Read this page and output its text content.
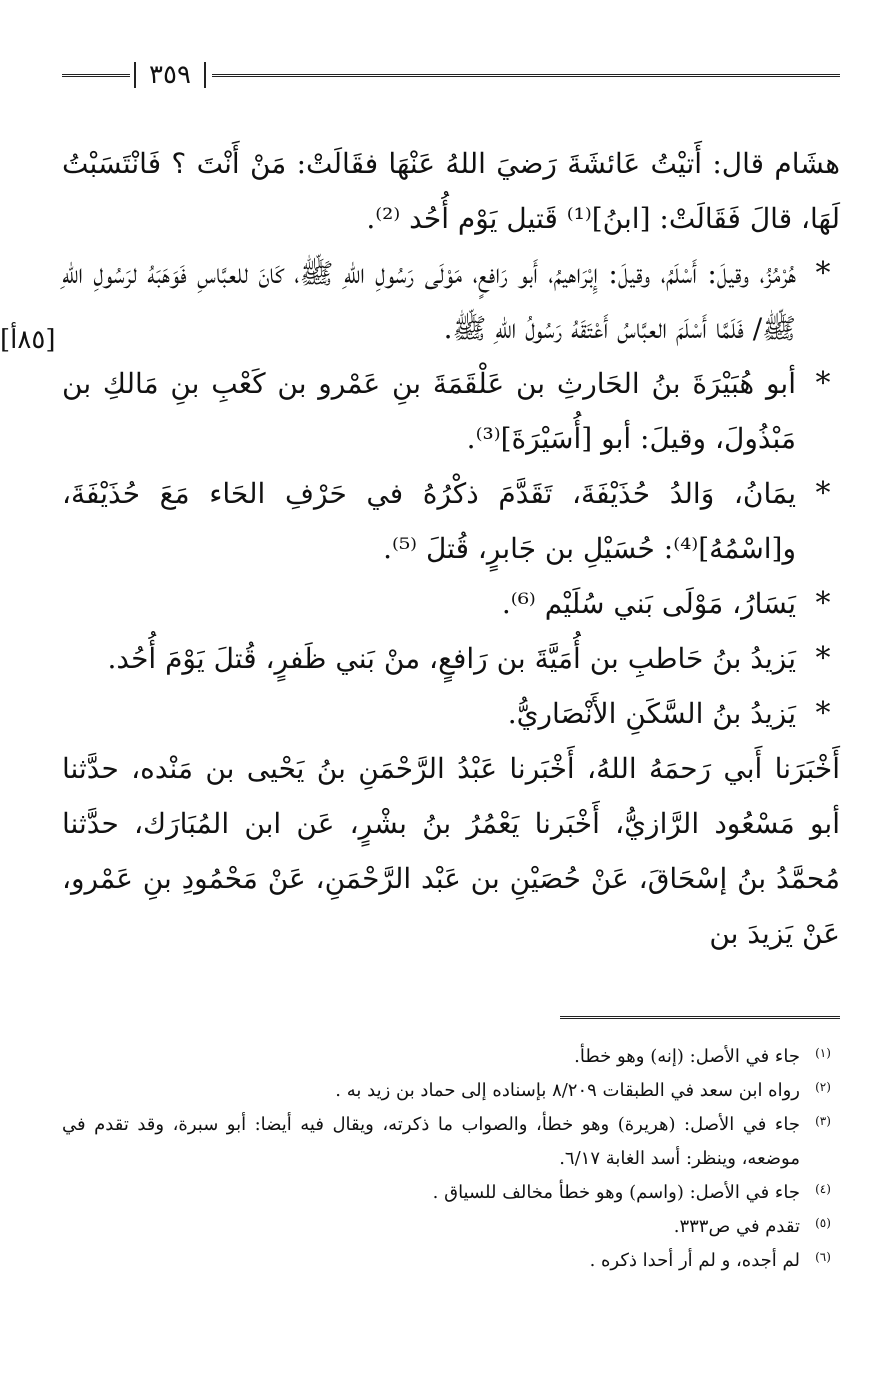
٣٥٩
[٨٥أ]

هشَام قال: أَتيْتُ عَائشَةَ رَضيَ اللهُ عَنْهَا فقَالَتْ: مَنْ أَنْتَ ؟ فَانْتَسَبْتُ لَهَا، قالَ فَقَالَتْ: [ابنُ]⁽¹⁾ قَتيل يَوْم أُحُد ⁽²⁾.

*

هُرْمُزُ، وقيلَ: أَسْلَمُ، وقيلَ: إِبْرَاهيمُ، أَبو رَافعٍ، مَوْلَى رَسُولِ اللهِ ﷺ، كَانَ للعبَّاسِ فَوَهَبَهُ لرَسُولِ اللهِ ﷺ/ فَلَمَّا أَسْلَمَ العبَّاسُ أَعْتَقَهُ رَسُولُ اللهِ ﷺ.

*

أبو هُبَيْرَةَ بنُ الحَارثِ بن عَلْقَمَةَ بنِ عَمْرو بن كَعْبِ بنِ مَالكِ بن مَبْذُولَ، وقيلَ: أبو [أُسَيْرَةَ]⁽³⁾.

*

يمَانُ، وَالدُ حُذَيْفَةَ، تَقَدَّمَ ذكْرُهُ في حَرْفِ الحَاء مَعَ حُذَيْفَةَ، و[اسْمُهُ]⁽⁴⁾: حُسَيْلِ بن جَابرٍ، قُتلَ ⁽⁵⁾.

*

يَسَارُ، مَوْلَى بَني سُلَيْم ⁽⁶⁾.

*

يَزيدُ بنُ حَاطبِ بن أُمَيَّةَ بن رَافعٍ، منْ بَني ظَفرٍ، قُتلَ يَوْمَ أُحُد.

*

يَزيدُ بنُ السَّكَنِ الأَنْصَاريُّ.

أَخْبَرَنا أَبي رَحمَهُ اللهُ، أَخْبَرنا عَبْدُ الرَّحْمَنِ بنُ يَحْيى بن مَنْده، حدَّثنا أبو مَسْعُود الرَّازيُّ، أَخْبَرنا يَعْمُرُ بنُ بشْرٍ، عَن ابن المُبَارَك، حدَّثنا مُحمَّدُ بنُ إسْحَاقَ، عَنْ حُصَيْنِ بن عَبْد الرَّحْمَنِ، عَنْ مَحْمُودِ بنِ عَمْرو، عَنْ يَزيدَ بن

(١)
جاء في الأصل: (إنه) وهو خطأ.
(٢)
رواه ابن سعد في الطبقات ٨/٢٠٩ بإسناده إلى حماد بن زيد به .
(٣)
جاء في الأصل: (هريرة) وهو خطأ، والصواب ما ذكرته، ويقال فيه أيضا: أبو سبرة، وقد تقدم في موضعه، وينظر: أسد الغابة ٦/١٧.
(٤)
جاء في الأصل: (واسم) وهو خطأ مخالف للسياق .
(٥)
تقدم في ص٣٣٣.
(٦)
لم أجده، و لم أر أحدا ذكره .
